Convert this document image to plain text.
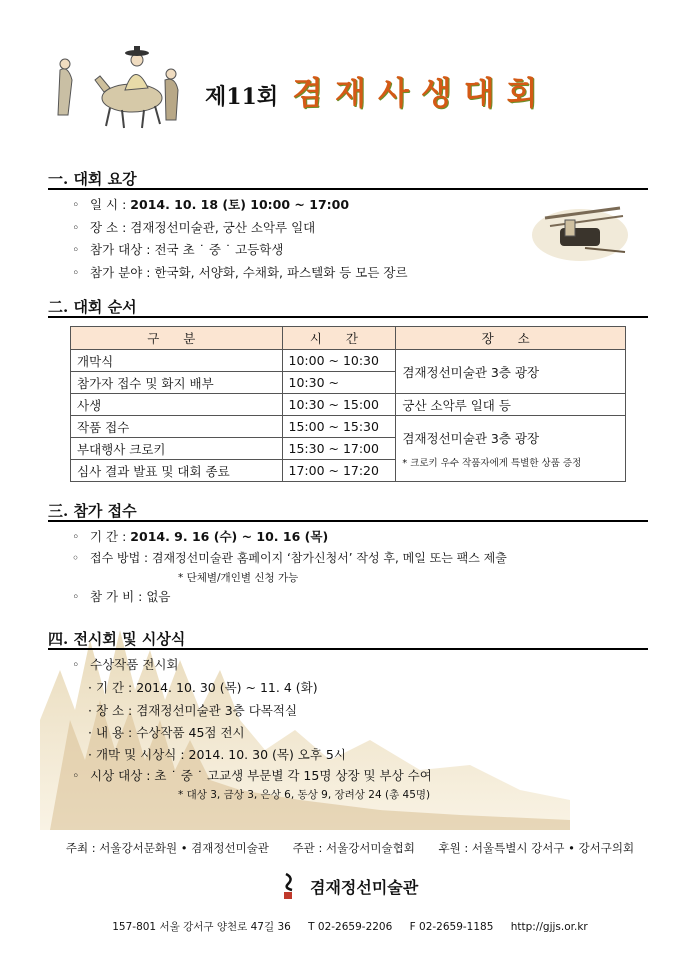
제11회 겸재사생대회
一. 대회 요강
◦ 일 시 : 2014. 10. 18 (토) 10:00 ~ 17:00
◦ 장 소 : 겸재정선미술관, 궁산 소악루 일대
◦ 참가 대상 : 전국 초 ˙ 중 ˙ 고등학생
◦ 참가 분야 : 한국화, 서양화, 수채화, 파스텔화 등 모든 장르
二. 대회 순서
구 분	시 간	장 소
개막식	10:00 ~ 10:30	겸재정선미술관 3층 광장
참가자 접수 및 화지 배부	10:30 ~	
사생	10:30 ~ 15:00	궁산 소악루 일대 등
작품 접수	15:00 ~ 15:30	겸재정선미술관 3층 광장
* 크로키 우수 작품자에게 특별한 상품 증정

부대행사 크로키	15:30 ~ 17:00	
심사 결과 발표 및 대회 종료	17:00 ~ 17:20	
三. 참가 접수
◦ 기 간 : 2014. 9. 16 (수) ~ 10. 16 (목)
◦ 접수 방법 : 겸재정선미술관 홈페이지 ‘참가신청서’ 작성 후, 메일 또는 팩스 제출
* 단체별/개인별 신청 가능
◦ 참 가 비 : 없음
四. 전시회 및 시상식
◦ 수상작품 전시회
· 기 간 : 2014. 10. 30 (목) ~ 11. 4 (화)
· 장 소 : 겸재정선미술관 3층 다목적실
· 내 용 : 수상작품 45점 전시
· 개막 및 시상식 : 2014. 10. 30 (목) 오후 5시
◦ 시상 대상 : 초 ˙ 중 ˙ 고교생 부문별 각 15명 상장 및 부상 수여
* 대상 3, 금상 3, 은상 6, 동상 9, 장려상 24 (총 45명)
주최 : 서울강서문화원 • 겸재정선미술관 주관 : 서울강서미술협회 후원 : 서울특별시 강서구 • 강서구의회
겸재정선미술관
157-801 서울 강서구 양천로 47길 36 T 02-2659-2206 F 02-2659-1185 http://gjjs.or.kr
